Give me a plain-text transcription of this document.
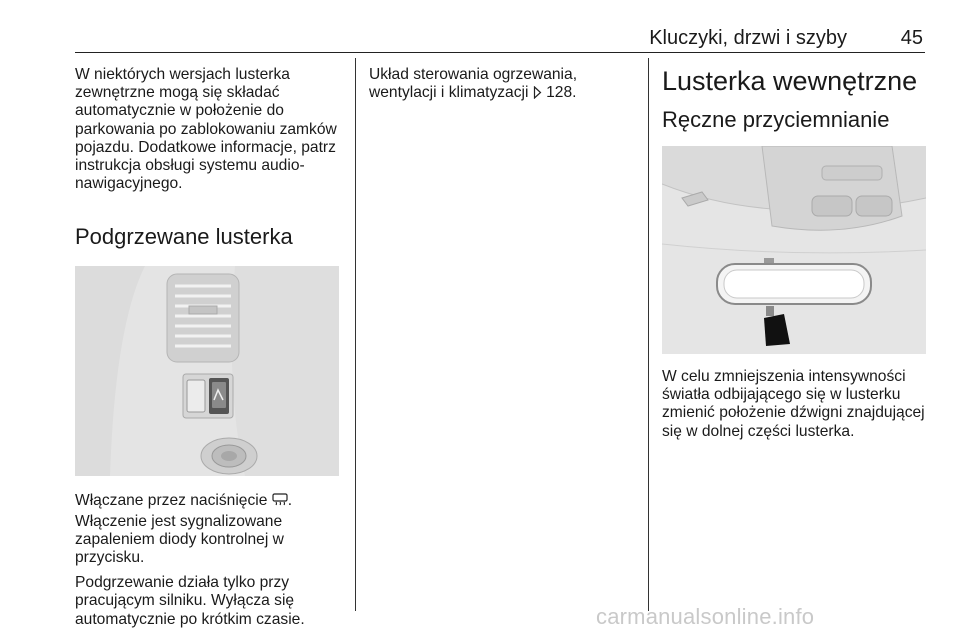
Kluczyki, drzwi i szyby	45

W niektórych wersjach lusterka zewnętrzne mogą się składać automatycznie w położenie do parkowania po zablokowaniu zamków pojazdu. Dodatkowe informacje, patrz instrukcja obsługi systemu audio-nawigacyjnego.

Podgrzewane lusterka

Włączane przez naciśnięcie . Włączenie jest sygnalizowane zapaleniem diody kontrolnej w przycisku.

Podgrzewanie działa tylko przy pracującym silniku. Wyłącza się automatycznie po krótkim czasie.

Układ sterowania ogrzewania, wentylacji i klimatyzacji  128.	Lusterka wewnętrzne
Ręczne przyciemnianie

W celu zmniejszenia intensywności światła odbijającego się w lusterku zmienić położenie dźwigni znajdującej się w dolnej części lusterka.

carmanualsonline.info
